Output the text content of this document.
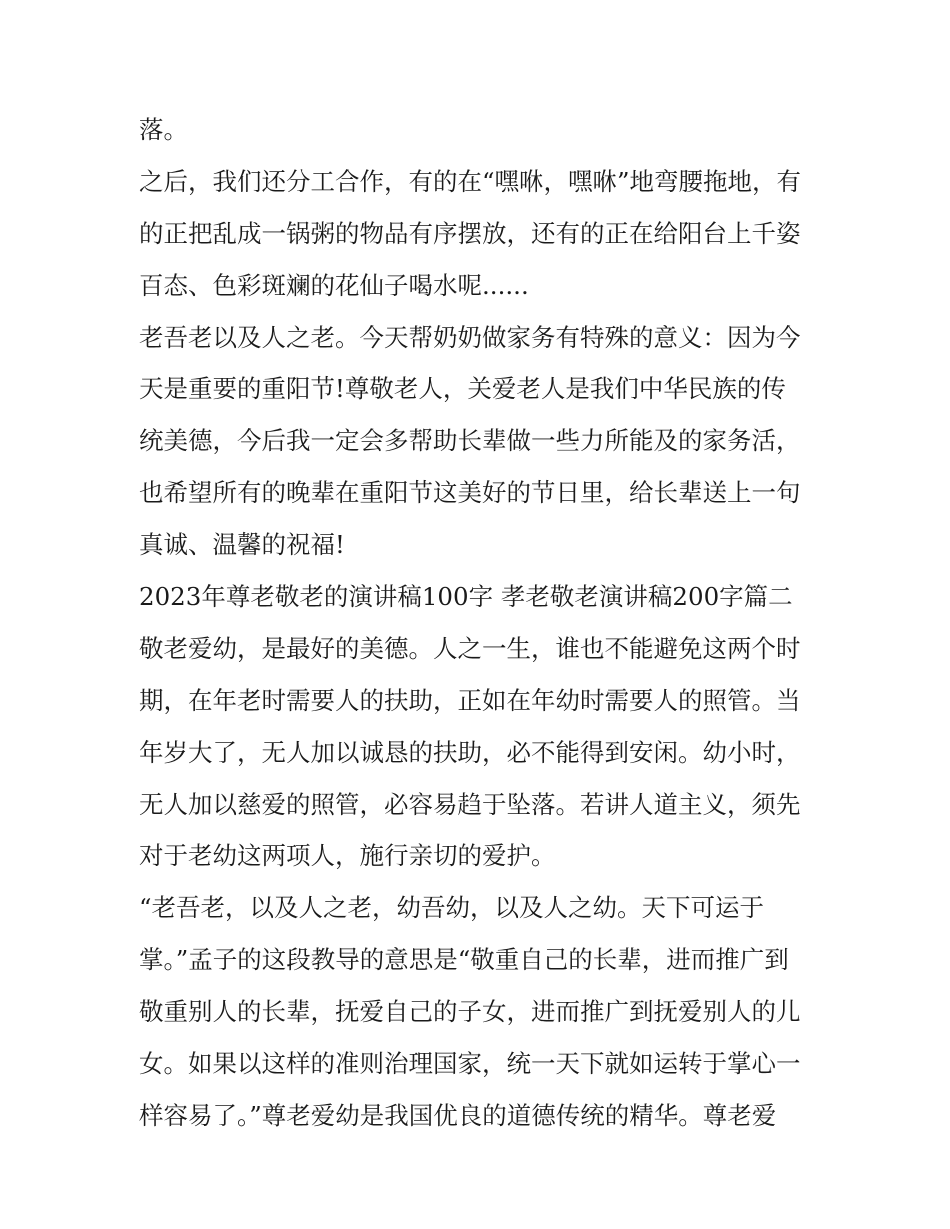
落。
之后，我们还分工合作，有的在“嘿咻，嘿咻”地弯腰拖地，有
的正把乱成一锅粥的物品有序摆放，还有的正在给阳台上千姿
百态、色彩斑斓的花仙子喝水呢......
老吾老以及人之老。今天帮奶奶做家务有特殊的意义：因为今
天是重要的重阳节!尊敬老人，关爱老人是我们中华民族的传
统美德，今后我一定会多帮助长辈做一些力所能及的家务活，
也希望所有的晚辈在重阳节这美好的节日里，给长辈送上一句
真诚、温馨的祝福!
2023年尊老敬老的演讲稿100字 孝老敬老演讲稿200字篇二
敬老爱幼，是最好的美德。人之一生，谁也不能避免这两个时
期，在年老时需要人的扶助，正如在年幼时需要人的照管。当
年岁大了，无人加以诚恳的扶助，必不能得到安闲。幼小时，
无人加以慈爱的照管，必容易趋于坠落。若讲人道主义，须先
对于老幼这两项人，施行亲切的爱护。
“老吾老，以及人之老，幼吾幼，以及人之幼。天下可运于
掌。”孟子的这段教导的意思是“敬重自己的长辈，进而推广到
敬重别人的长辈，抚爱自己的子女，进而推广到抚爱别人的儿
女。如果以这样的准则治理国家，统一天下就如运转于掌心一
样容易了。”尊老爱幼是我国优良的道德传统的精华。尊老爱
